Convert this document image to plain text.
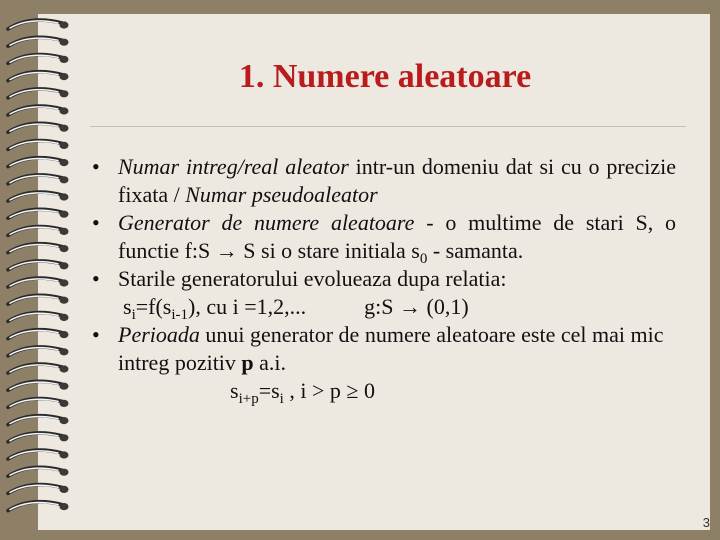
1. Numere aleatoare
• Numar intreg/real aleator intr-un domeniu dat si cu o precizie fixata / Numar pseudoaleator
• Generator de numere aleatoare - o multime de stari S, o functie f:S → S si o stare initiala $s_0$ - samanta.
• Starile generatorului evolueaza dupa relatia:
$s_i=f(s_{i-1})$, cu i =1,2,...	g:S → (0,1)
• Perioada unui generator de numere aleatoare este cel mai mic intreg pozitiv p a.i.
$s_{i+p}=s_i$ , i > p ≥ 0
3
